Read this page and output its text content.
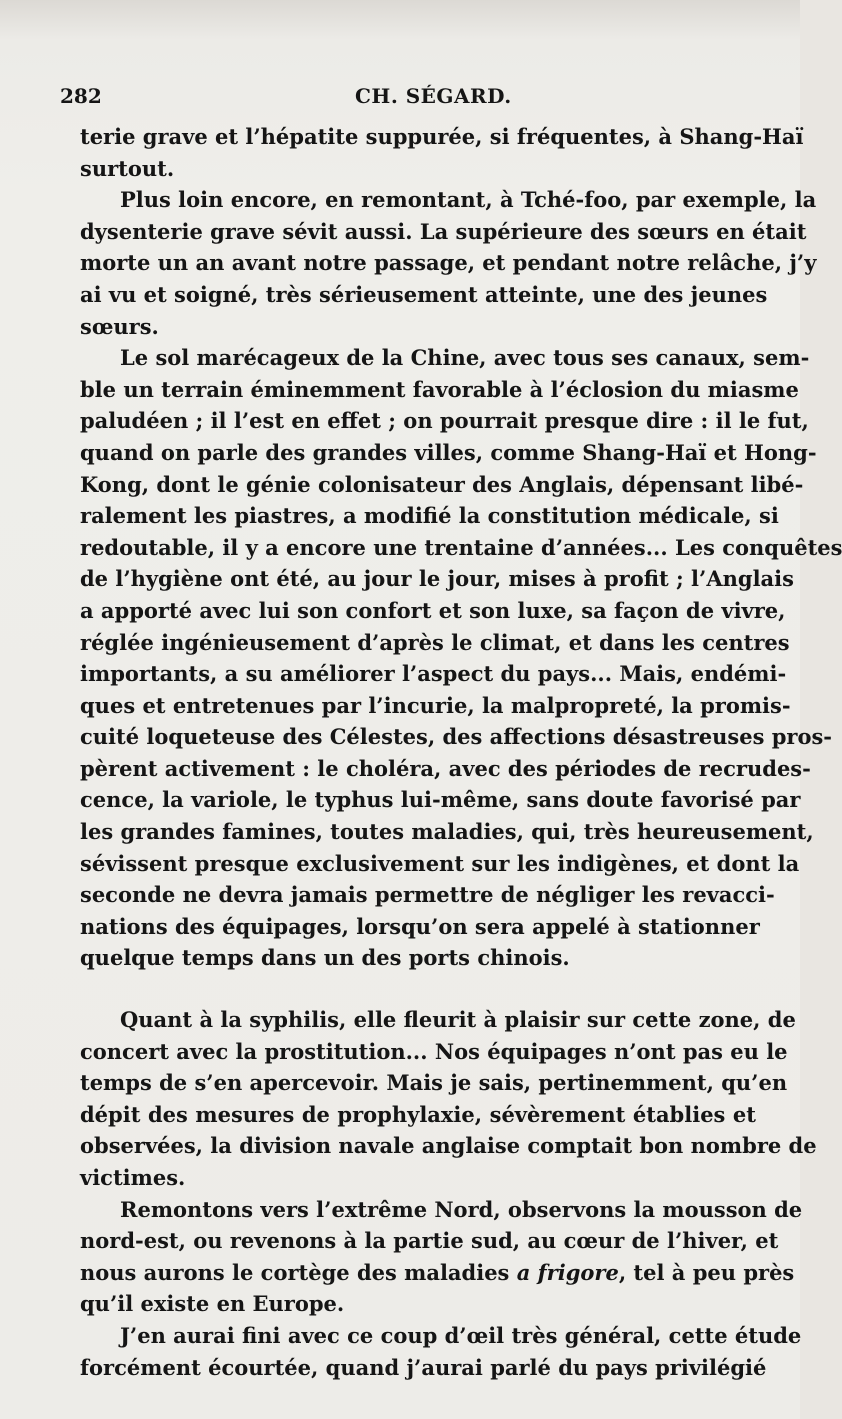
282	CH. SÉGARD.
terie grave et l’hépatite suppurée, si fréquentes, à Shang-Haï
surtout.
Plus loin encore, en remontant, à Tché-foo, par exemple, la
dysenterie grave sévit aussi. La supérieure des sœurs en était
morte un an avant notre passage, et pendant notre relâche, j’y
ai vu et soigné, très sérieusement atteinte, une des jeunes
sœurs.
Le sol marécageux de la Chine, avec tous ses canaux, sem-
ble un terrain éminemment favorable à l’éclosion du miasme
paludéen ; il l’est en effet ; on pourrait presque dire : il le fut,
quand on parle des grandes villes, comme Shang-Haï et Hong-
Kong, dont le génie colonisateur des Anglais, dépensant libé-
ralement les piastres, a modifié la constitution médicale, si
redoutable, il y a encore une trentaine d’années... Les conquêtes
de l’hygiène ont été, au jour le jour, mises à profit ; l’Anglais
a apporté avec lui son confort et son luxe, sa façon de vivre,
réglée ingénieusement d’après le climat, et dans les centres
importants, a su améliorer l’aspect du pays... Mais, endémi-
ques et entretenues par l’incurie, la malpropreté, la promis-
cuité loqueteuse des Célestes, des affections désastreuses pros-
pèrent activement : le choléra, avec des périodes de recrudes-
cence, la variole, le typhus lui-même, sans doute favorisé par
les grandes famines, toutes maladies, qui, très heureusement,
sévissent presque exclusivement sur les indigènes, et dont la
seconde ne devra jamais permettre de négliger les revacci-
nations des équipages, lorsqu’on sera appelé à stationner
quelque temps dans un des ports chinois.
Quant à la syphilis, elle fleurit à plaisir sur cette zone, de
concert avec la prostitution... Nos équipages n’ont pas eu le
temps de s’en apercevoir. Mais je sais, pertinemment, qu’en
dépit des mesures de prophylaxie, sévèrement établies et
observées, la division navale anglaise comptait bon nombre de
victimes.
Remontons vers l’extrême Nord, observons la mousson de
nord-est, ou revenons à la partie sud, au cœur de l’hiver, et
nous aurons le cortège des maladies a frigore, tel à peu près
qu’il existe en Europe.
J’en aurai fini avec ce coup d’œil très général, cette étude
forcément écourtée, quand j’aurai parlé du pays privilégié
